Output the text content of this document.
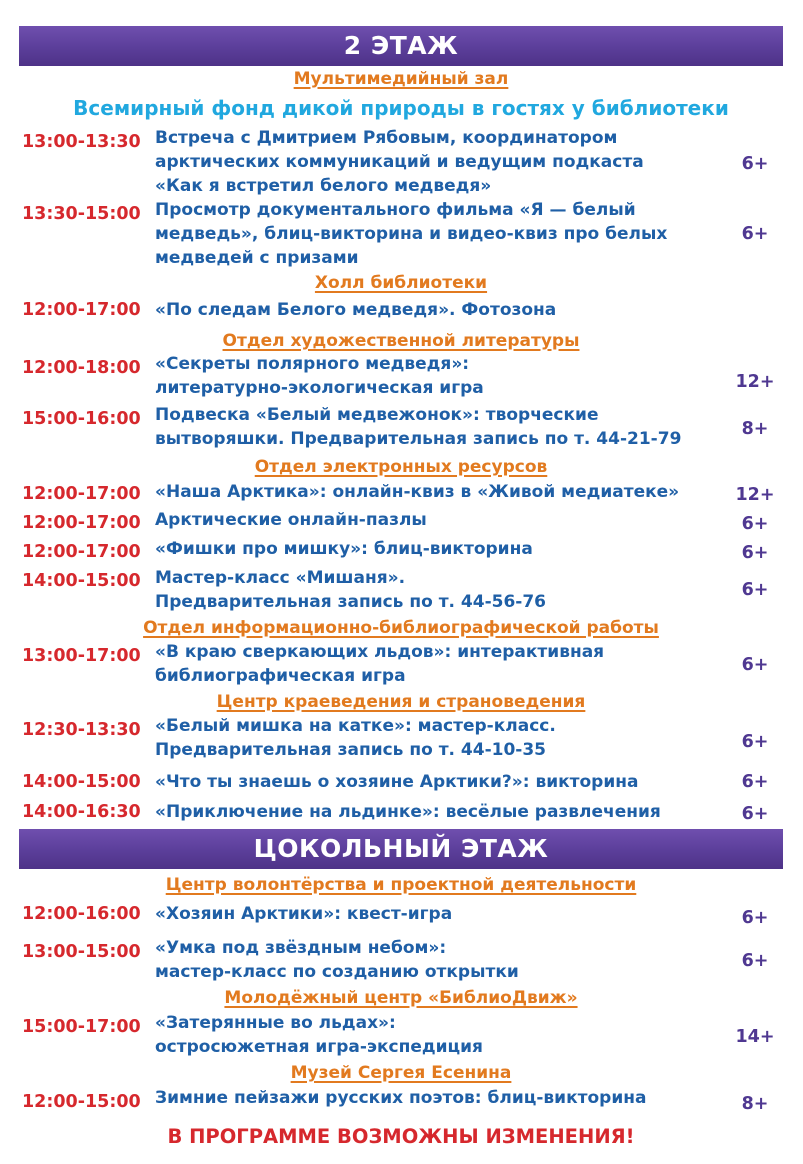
2 ЭТАЖ
Мультимедийный зал
Всемирный фонд дикой природы в гостях у библиотеки
13:00-13:30 Встреча с Дмитрием Рябовым, координатором
арктических коммуникаций и ведущим подкаста
«Как я встретил белого медведя»
6+
13:30-15:00 Просмотр документального фильма «Я — белый
медведь», блиц-викторина и видео-квиз про белых
медведей с призами
6+
Холл библиотеки
12:00-17:00 «По следам Белого медведя». Фотозона
Отдел художественной литературы
12:00-18:00 «Секреты полярного медведя»:
литературно-экологическая игра	12+
15:00-16:00 Подвеска «Белый медвежонок»: творческие
вытворяшки. Предварительная запись по т. 44-21-79	8+
Отдел электронных ресурсов
12:00-17:00 «Наша Арктика»: онлайн-квиз в «Живой медиатеке»	12+
12:00-17:00 Арктические онлайн-пазлы	6+
12:00-17:00 «Фишки про мишку»: блиц-викторина	6+
14:00-15:00 Мастер-класс «Мишаня».
Предварительная запись по т. 44-56-76
6+
Отдел информационно-библиографической работы
13:00-17:00 «В краю сверкающих льдов»: интерактивная
библиографическая игра
6+
Центр краеведения и страноведения
12:30-13:30 «Белый мишка на катке»: мастер-класс.
Предварительная запись по т. 44-10-35	6+
14:00-15:00 «Что ты знаешь о хозяине Арктики?»: викторина	6+
14:00-16:30 «Приключение на льдинке»: весёлые развлечения	6+
ЦОКОЛЬНЫЙ ЭТАЖ
Центр волонтёрства и проектной деятельности
12:00-16:00 «Хозяин Арктики»: квест-игра	6+
13:00-15:00 «Умка под звёздным небом»:
мастер-класс по созданию открытки
6+
Молодёжный центр «БиблиоДвиж»
15:00-17:00 «Затерянные во льдах»:
остросюжетная игра-экспедиция	14+
Музей Сергея Есенина
12:00-15:00 Зимние пейзажи русских поэтов: блиц-викторина	8+
В ПРОГРАММЕ ВОЗМОЖНЫ ИЗМЕНЕНИЯ!
